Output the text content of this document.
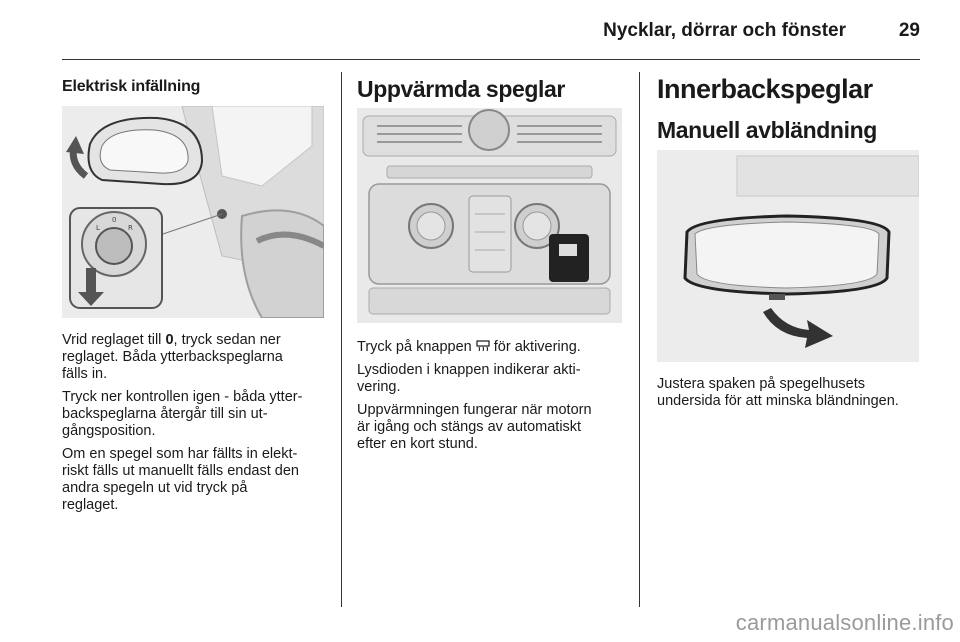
Nycklar, dörrar och fönster	29
Elektrisk infällning
L
0
R

Vrid reglaget till 0, tryck sedan ner
reglaget. Båda ytterbackspeglarna
fälls in.

Tryck ner kontrollen igen - båda ytter-
backspeglarna återgår till sin ut-
gångsposition.

Om en spegel som har fällts in elekt-
riskt fälls ut manuellt fälls endast den
andra spegeln ut vid tryck på
reglaget.

Uppvärmda speglar

Tryck på knappen  för aktivering.

Lysdioden i knappen indikerar akti-
vering.

Uppvärmningen fungerar när motorn
är igång och stängs av automatiskt
efter en kort stund.

Innerbackspeglar
Manuell avbländning

Justera spaken på spegelhusets
undersida för att minska bländningen.

carmanualsonline.info
